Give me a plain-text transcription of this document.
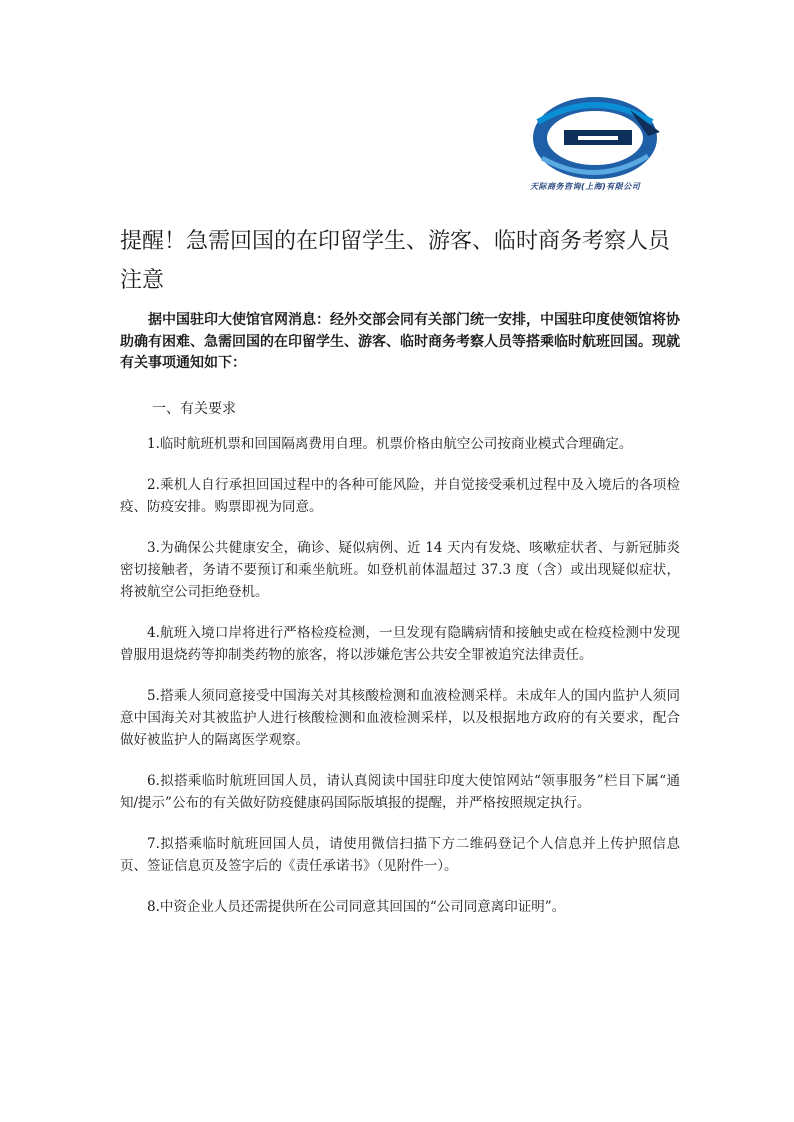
天际商务咨询(上海)有限公司
提醒！急需回国的在印留学生、游客、临时商务考察人员注意

据中国驻印大使馆官网消息：经外交部会同有关部门统一安排，中国驻印度使领馆将协助确有困难、急需回国的在印留学生、游客、临时商务考察人员等搭乘临时航班回国。现就有关事项通知如下：

一、有关要求

1.临时航班机票和回国隔离费用自理。机票价格由航空公司按商业模式合理确定。

2.乘机人自行承担回国过程中的各种可能风险，并自觉接受乘机过程中及入境后的各项检疫、防疫安排。购票即视为同意。

3.为确保公共健康安全，确诊、疑似病例、近 14 天内有发烧、咳嗽症状者、与新冠肺炎密切接触者，务请不要预订和乘坐航班。如登机前体温超过 37.3 度（含）或出现疑似症状，将被航空公司拒绝登机。

4.航班入境口岸将进行严格检疫检测，一旦发现有隐瞒病情和接触史或在检疫检测中发现曾服用退烧药等抑制类药物的旅客，将以涉嫌危害公共安全罪被追究法律责任。

5.搭乘人须同意接受中国海关对其核酸检测和血液检测采样。未成年人的国内监护人须同意中国海关对其被监护人进行核酸检测和血液检测采样，以及根据地方政府的有关要求，配合做好被监护人的隔离医学观察。

6.拟搭乘临时航班回国人员，请认真阅读中国驻印度大使馆网站“领事服务”栏目下属“通知/提示”公布的有关做好防疫健康码国际版填报的提醒，并严格按照规定执行。

7.拟搭乘临时航班回国人员，请使用微信扫描下方二维码登记个人信息并上传护照信息页、签证信息页及签字后的《责任承诺书》（见附件一）。

8.中资企业人员还需提供所在公司同意其回国的“公司同意离印证明”。
